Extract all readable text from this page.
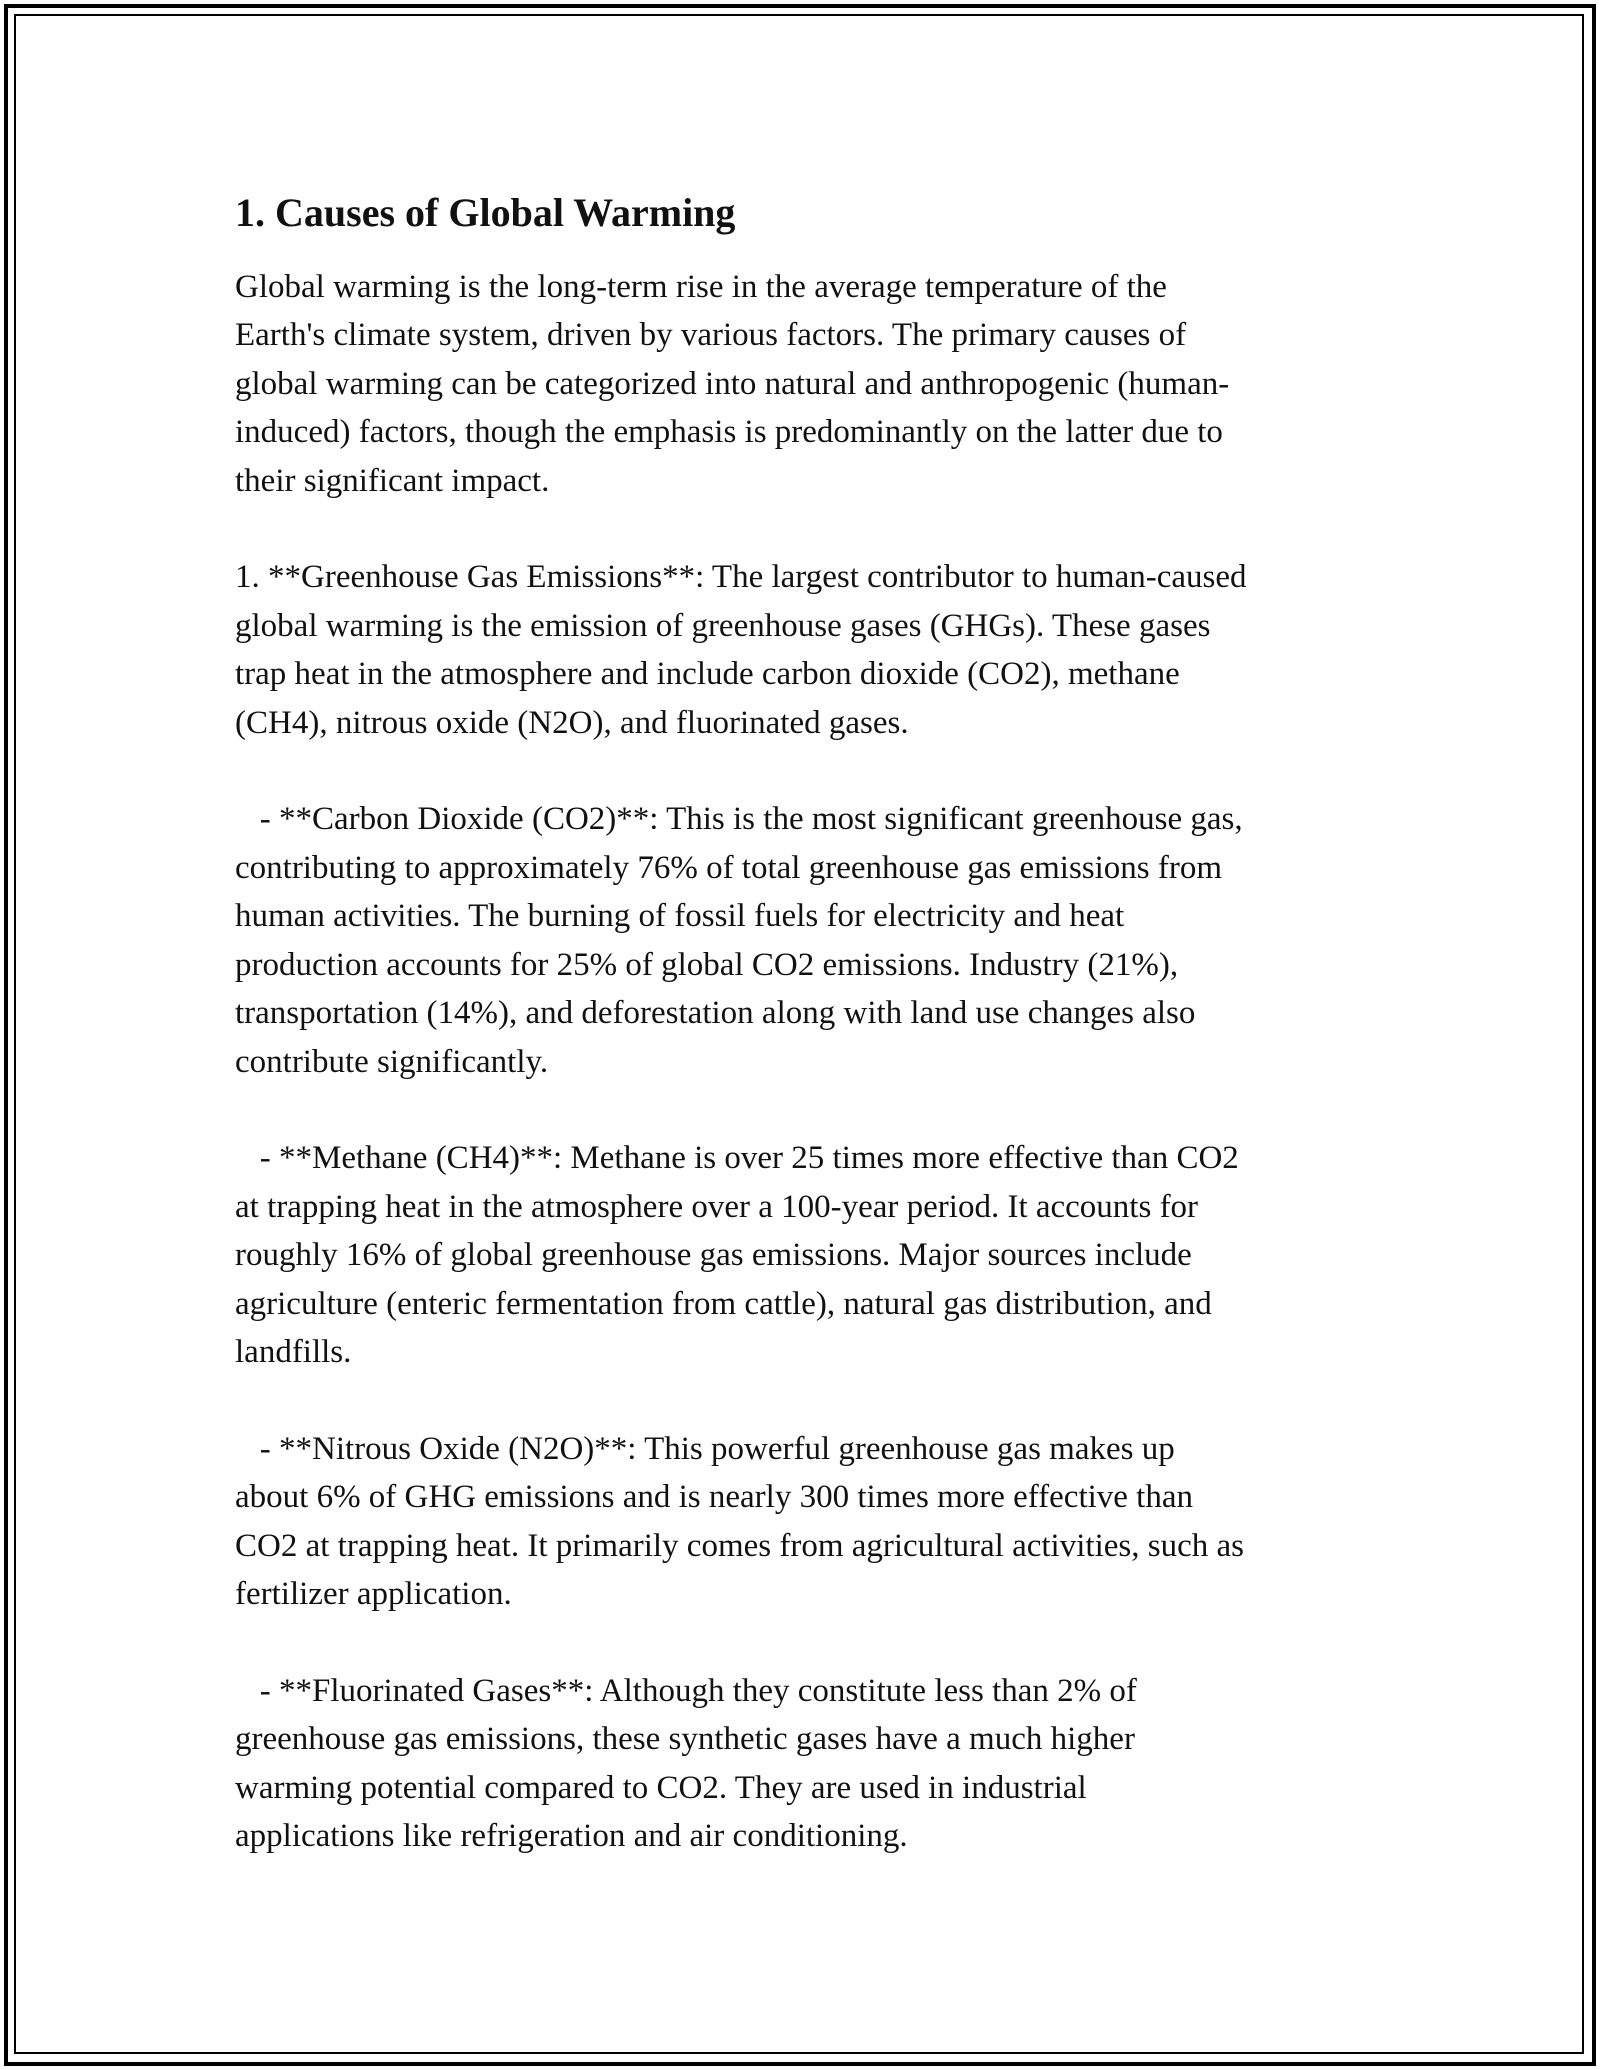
1. Causes of Global Warming

Global warming is the long-term rise in the average temperature of the
Earth's climate system, driven by various factors. The primary causes of
global warming can be categorized into natural and anthropogenic (human-
induced) factors, though the emphasis is predominantly on the latter due to
their significant impact.

1. **Greenhouse Gas Emissions**: The largest contributor to human-caused
global warming is the emission of greenhouse gases (GHGs). These gases
trap heat in the atmosphere and include carbon dioxide (CO2), methane
(CH4), nitrous oxide (N2O), and fluorinated gases.

- **Carbon Dioxide (CO2)**: This is the most significant greenhouse gas,
contributing to approximately 76% of total greenhouse gas emissions from
human activities. The burning of fossil fuels for electricity and heat
production accounts for 25% of global CO2 emissions. Industry (21%),
transportation (14%), and deforestation along with land use changes also
contribute significantly.

- **Methane (CH4)**: Methane is over 25 times more effective than CO2
at trapping heat in the atmosphere over a 100-year period. It accounts for
roughly 16% of global greenhouse gas emissions. Major sources include
agriculture (enteric fermentation from cattle), natural gas distribution, and
landfills.

- **Nitrous Oxide (N2O)**: This powerful greenhouse gas makes up
about 6% of GHG emissions and is nearly 300 times more effective than
CO2 at trapping heat. It primarily comes from agricultural activities, such as
fertilizer application.

- **Fluorinated Gases**: Although they constitute less than 2% of
greenhouse gas emissions, these synthetic gases have a much higher
warming potential compared to CO2. They are used in industrial
applications like refrigeration and air conditioning.
